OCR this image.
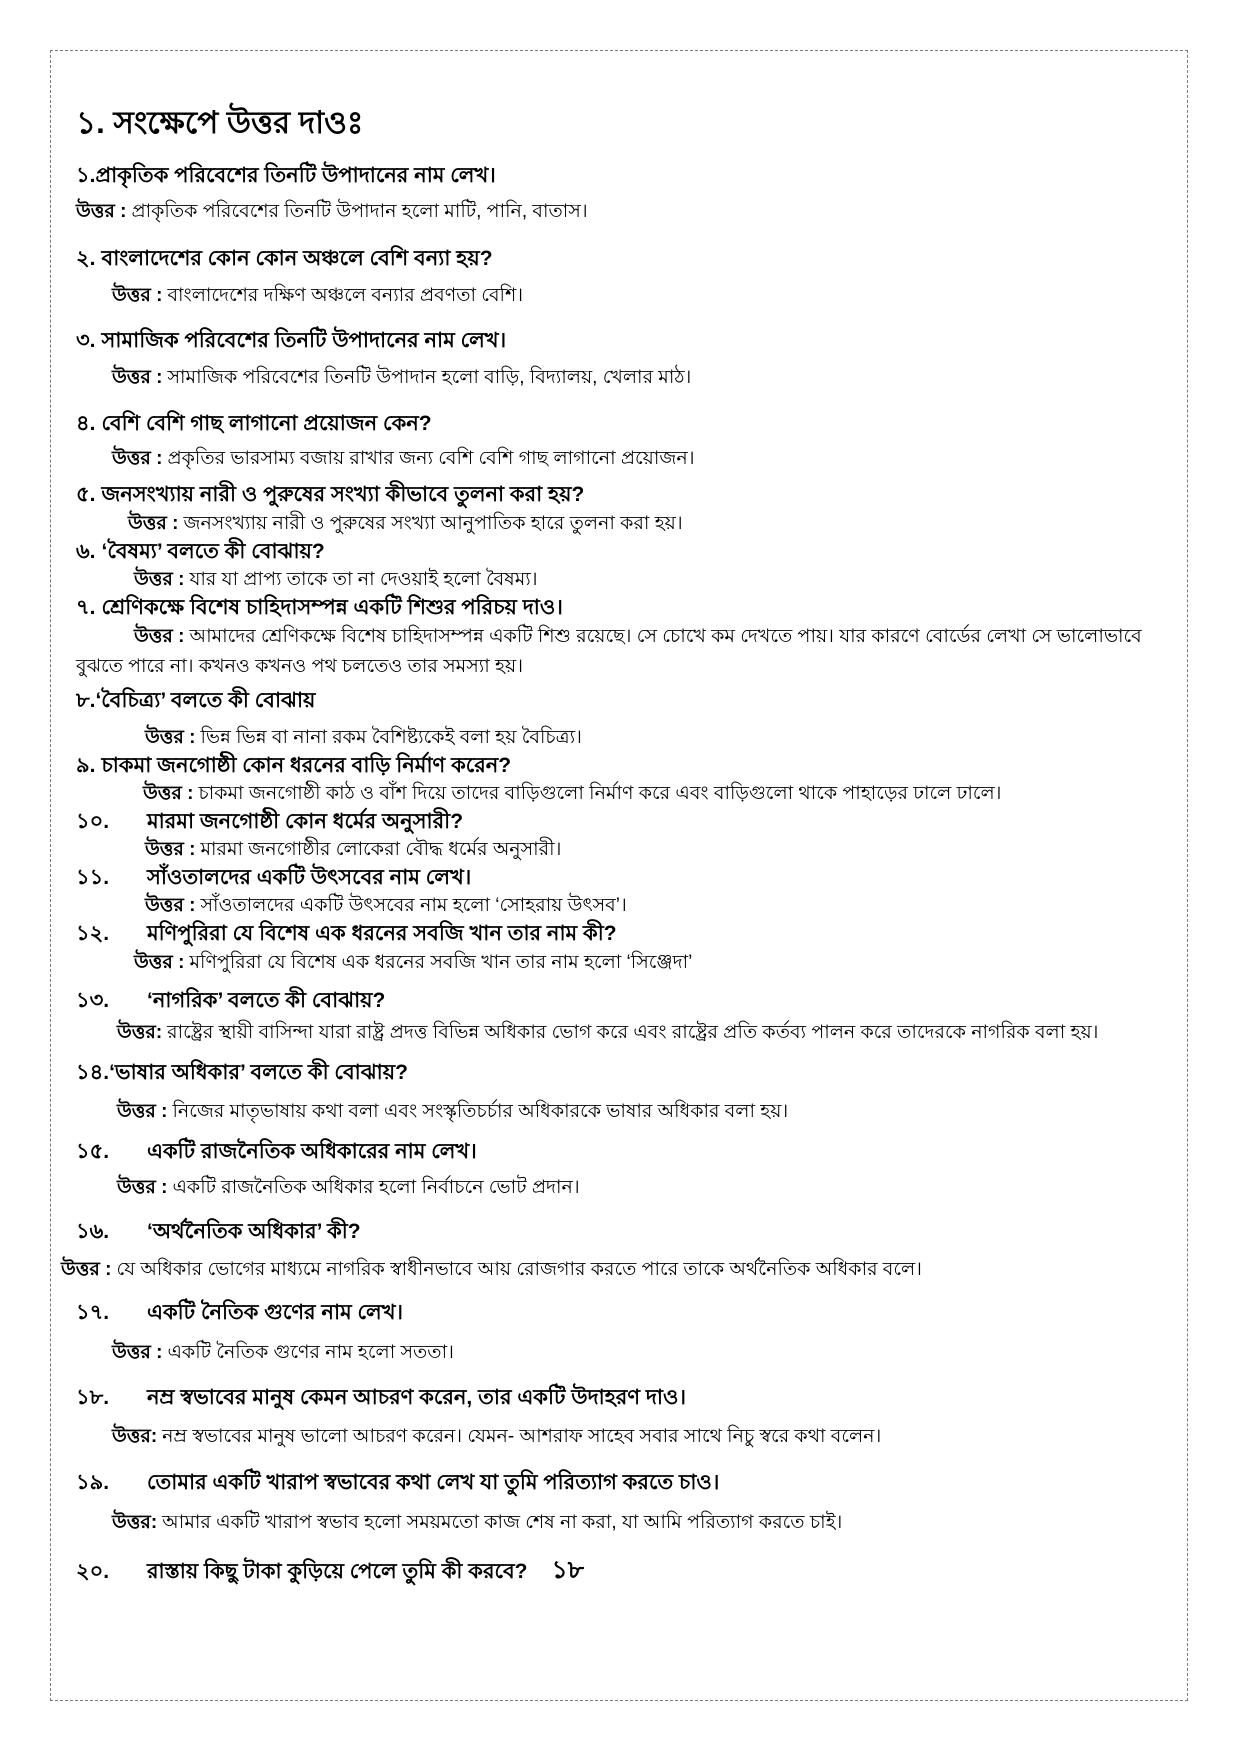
১. সংক্ষেপে উত্তর দাওঃ
১.প্রাকৃতিক পরিবেশের তিনটি উপাদানের নাম লেখ।
উত্তর : প্রাকৃতিক পরিবেশের তিনটি উপাদান হলো মাটি, পানি, বাতাস।
২. বাংলাদেশের কোন কোন অঞ্চলে বেশি বন্যা হয়?
উত্তর : বাংলাদেশের দক্ষিণ অঞ্চলে বন্যার প্রবণতা বেশি।
৩. সামাজিক পরিবেশের তিনটি উপাদানের নাম লেখ।
উত্তর : সামাজিক পরিবেশের তিনটি উপাদান হলো বাড়ি, বিদ্যালয়, খেলার মাঠ।
৪. বেশি বেশি গাছ লাগানো প্রয়োজন কেন?
উত্তর : প্রকৃতির ভারসাম্য বজায় রাখার জন্য বেশি বেশি গাছ লাগানো প্রয়োজন।
৫. জনসংখ্যায় নারী ও পুরুষের সংখ্যা কীভাবে তুলনা করা হয়?
উত্তর : জনসংখ্যায় নারী ও পুরুষের সংখ্যা আনুপাতিক হারে তুলনা করা হয়।
৬. ‘বৈষম্য’ বলতে কী বোঝায়?
উত্তর : যার যা প্রাপ্য তাকে তা না দেওয়াই হলো বৈষম্য।
৭. শ্রেণিকক্ষে বিশেষ চাহিদাসম্পন্ন একটি শিশুর পরিচয় দাও।
উত্তর : আমাদের শ্রেণিকক্ষে বিশেষ চাহিদাসম্পন্ন একটি শিশু রয়েছে। সে চোখে কম দেখতে পায়। যার কারণে বোর্ডের লেখা সে ভালোভাবে বুঝতে পারে না। কখনও কখনও পথ চলতেও তার সমস্যা হয়।
৮.‘বৈচিত্র্য’ বলতে কী বোঝায়
উত্তর : ভিন্ন ভিন্ন বা নানা রকম বৈশিষ্ট্যকেই বলা হয় বৈচিত্র্য।
৯. চাকমা জনগোষ্ঠী কোন ধরনের বাড়ি নির্মাণ করেন?
উত্তর : চাকমা জনগোষ্ঠী কাঠ ও বাঁশ দিয়ে তাদের বাড়িগুলো নির্মাণ করে এবং বাড়িগুলো থাকে পাহাড়ের ঢালে ঢালে।
১০. মারমা জনগোষ্ঠী কোন ধর্মের অনুসারী?
উত্তর : মারমা জনগোষ্ঠীর লোকেরা বৌদ্ধ ধর্মের অনুসারী।
১১. সাঁওতালদের একটি উৎসবের নাম লেখ।
উত্তর : সাঁওতালদের একটি উৎসবের নাম হলো ‘সোহরায় উৎসব’।
১২. মণিপুরিরা যে বিশেষ এক ধরনের সবজি খান তার নাম কী?
উত্তর : মণিপুরিরা যে বিশেষ এক ধরনের সবজি খান তার নাম হলো ‘সিঞ্জেদা’
১৩. ‘নাগরিক’ বলতে কী বোঝায়?
উত্তর: রাষ্ট্রের স্থায়ী বাসিন্দা যারা রাষ্ট্র প্রদত্ত বিভিন্ন অধিকার ভোগ করে এবং রাষ্ট্রের প্রতি কর্তব্য পালন করে তাদেরকে নাগরিক বলা হয়।
১৪.‘ভাষার অধিকার’ বলতে কী বোঝায়?
উত্তর : নিজের মাতৃভাষায় কথা বলা এবং সংস্কৃতিচর্চার অধিকারকে ভাষার অধিকার বলা হয়।
১৫. একটি রাজনৈতিক অধিকারের নাম লেখ।
উত্তর : একটি রাজনৈতিক অধিকার হলো নির্বাচনে ভোট প্রদান।
১৬. ‘অর্থনৈতিক অধিকার’ কী?
উত্তর : যে অধিকার ভোগের মাধ্যমে নাগরিক স্বাধীনভাবে আয় রোজগার করতে পারে তাকে অর্থনৈতিক অধিকার বলে।
১৭. একটি নৈতিক গুণের নাম লেখ।
উত্তর : একটি নৈতিক গুণের নাম হলো সততা।
১৮. নম্র স্বভাবের মানুষ কেমন আচরণ করেন, তার একটি উদাহরণ দাও।
উত্তর: নম্র স্বভাবের মানুষ ভালো আচরণ করেন। যেমন- আশরাফ সাহেব সবার সাথে নিচু স্বরে কথা বলেন।
১৯. তোমার একটি খারাপ স্বভাবের কথা লেখ যা তুমি পরিত্যাগ করতে চাও।
উত্তর: আমার একটি খারাপ স্বভাব হলো সময়মতো কাজ শেষ না করা, যা আমি পরিত্যাগ করতে চাই।
২০. রাস্তায় কিছু টাকা কুড়িয়ে পেলে তুমি কী করবে? ১৮
